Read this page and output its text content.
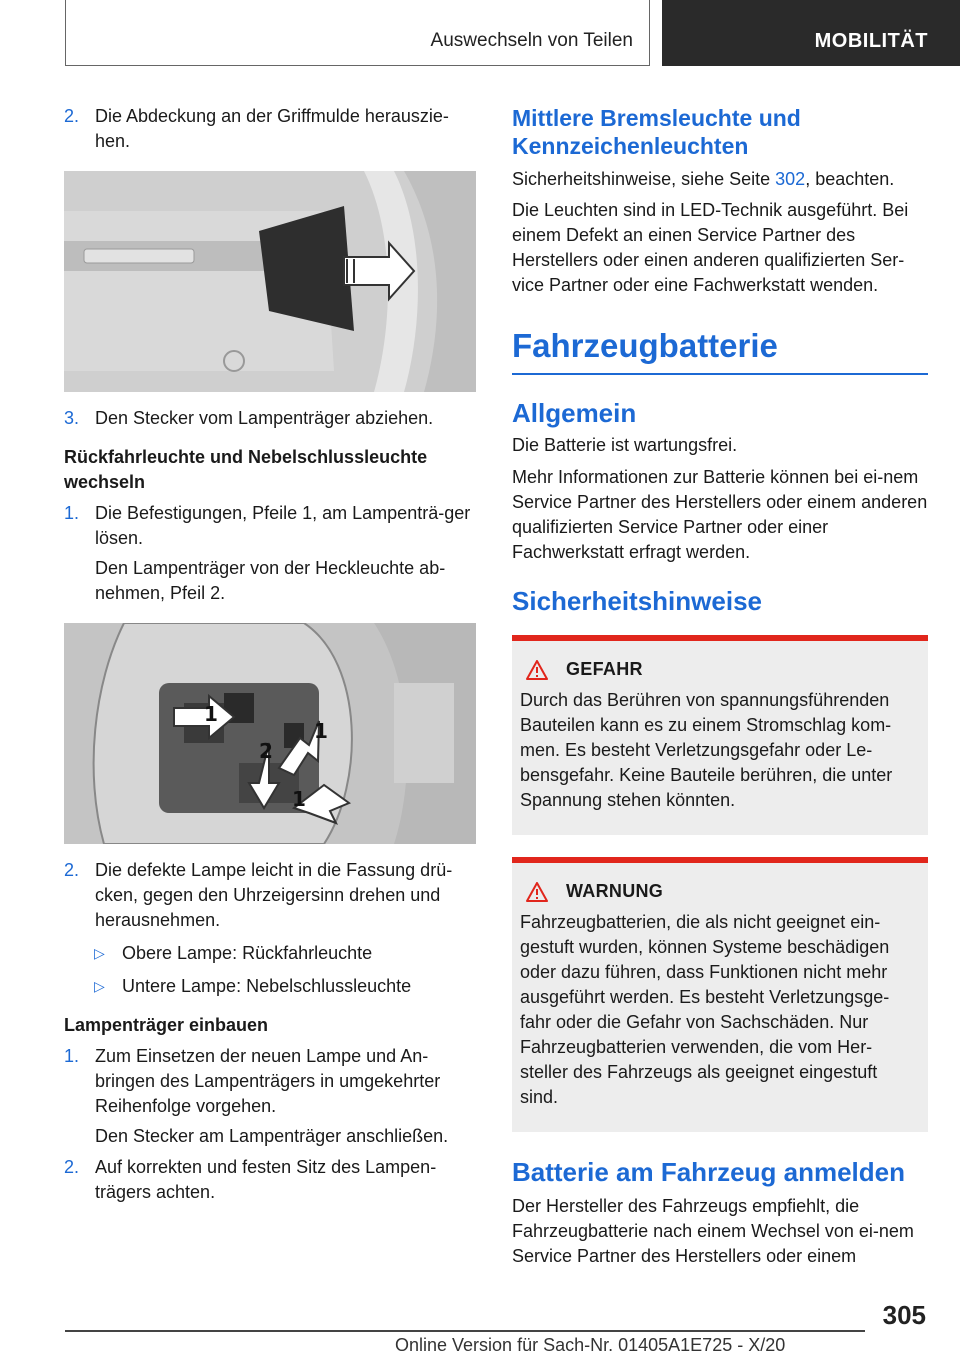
Auswechseln von Teilen	MOBILITÄT
2. Die Abdeckung an der Griffmulde herauszie-hen.
3. Den Stecker vom Lampenträger abziehen.
Rückfahrleuchte und Nebelschlussleuchte wechseln
1. Die Befestigungen, Pfeile 1, am Lampenträ-ger lösen.
Den Lampenträger von der Heckleuchte ab-nehmen, Pfeil 2.
1
1
2
1
2. Die defekte Lampe leicht in die Fassung drü-cken, gegen den Uhrzeigersinn drehen und herausnehmen.
▷ Obere Lampe: Rückfahrleuchte
▷ Untere Lampe: Nebelschlussleuchte
Lampenträger einbauen
1. Zum Einsetzen der neuen Lampe und An-bringen des Lampenträgers in umgekehrter Reihenfolge vorgehen.
Den Stecker am Lampenträger anschließen.
2. Auf korrekten und festen Sitz des Lampen-trägers achten.
Mittlere Bremsleuchte und Kennzeichenleuchten

Sicherheitshinweise, siehe Seite 302, beachten.

Die Leuchten sind in LED-Technik ausgeführt. Bei einem Defekt an einen Service Partner des Herstellers oder einen anderen qualifizierten Ser-vice Partner oder eine Fachwerkstatt wenden.

Fahrzeugbatterie
Allgemein

Die Batterie ist wartungsfrei.

Mehr Informationen zur Batterie können bei ei-nem Service Partner des Herstellers oder einem anderen qualifizierten Service Partner oder einer Fachwerkstatt erfragt werden.

Sicherheitshinweise
GEFAHR

Durch das Berühren von spannungsführenden Bauteilen kann es zu einem Stromschlag kom-men. Es besteht Verletzungsgefahr oder Le-bensgefahr. Keine Bauteile berühren, die unter Spannung stehen könnten.

WARNUNG

Fahrzeugbatterien, die als nicht geeignet ein-gestuft wurden, können Systeme beschädigen oder dazu führen, dass Funktionen nicht mehr ausgeführt werden. Es besteht Verletzungsge-fahr oder die Gefahr von Sachschäden. Nur Fahrzeugbatterien verwenden, die vom Her-steller des Fahrzeugs als geeignet eingestuft sind.

Batterie am Fahrzeug anmelden

Der Hersteller des Fahrzeugs empfiehlt, die Fahrzeugbatterie nach einem Wechsel von ei-nem Service Partner des Herstellers oder einem

305
Online Version für Sach-Nr. 01405A1E725 - X/20
